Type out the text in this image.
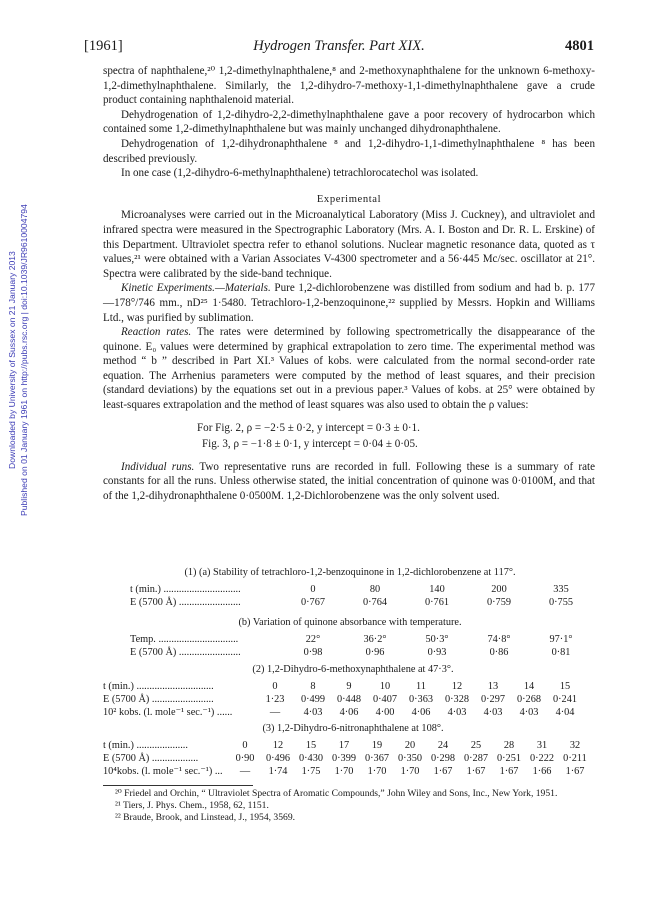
[1961]	Hydrogen Transfer. Part XIX.	4801
Downloaded by University of Sussex on 21 January 2013 Published on 01 January 1961 on http://pubs.rsc.org | doi:10.1039/JR9610004794

spectra of naphthalene,²⁰ 1,2-dimethylnaphthalene,⁸ and 2-methoxynaphthalene for the unknown 6-methoxy-1,2-dimethylnaphthalene. Similarly, the 1,2-dihydro-7-methoxy-1,1-dimethylnaphthalene gave a crude product containing naphthalenoid material.

Dehydrogenation of 1,2-dihydro-2,2-dimethylnaphthalene gave a poor recovery of hydrocarbon which contained some 1,2-dimethylnaphthalene but was mainly unchanged dihydronaphthalene.

Dehydrogenation of 1,2-dihydronaphthalene ⁸ and 1,2-dihydro-1,1-dimethylnaphthalene ⁸ has been described previously.

In one case (1,2-dihydro-6-methylnaphthalene) tetrachlorocatechol was isolated.

Experimental

Microanalyses were carried out in the Microanalytical Laboratory (Miss J. Cuckney), and ultraviolet and infrared spectra were measured in the Spectrographic Laboratory (Mrs. A. I. Boston and Dr. R. L. Erskine) of this Department. Ultraviolet spectra refer to ethanol solutions. Nuclear magnetic resonance data, quoted as τ values,²¹ were obtained with a Varian Associates V-4300 spectrometer and a 56·445 Mc/sec. oscillator at 21°. Spectra were calibrated by the side-band technique.

Kinetic Experiments.—Materials. Pure 1,2-dichlorobenzene was distilled from sodium and had b. p. 177—178°/746 mm., nD²⁵ 1·5480. Tetrachloro-1,2-benzoquinone,²² supplied by Messrs. Hopkin and Williams Ltd., was purified by sublimation.

Reaction rates. The rates were determined by following spectrometrically the disappearance of the quinone. E₀ values were determined by graphical extrapolation to zero time. The experimental method was method “ b ” described in Part XI.³ Values of kobs. were calculated from the normal second-order rate equation. The Arrhenius parameters were computed by the method of least squares, and their precision (standard deviations) by the equations set out in a previous paper.³ Values of kobs. at 25° were obtained by least-squares extrapolation and the method of least squares was also used to obtain the ρ values:

For Fig. 2, ρ = −2·5 ± 0·2, y intercept = 0·3 ± 0·1.
Fig. 3, ρ = −1·8 ± 0·1, y intercept = 0·04 ± 0·05.

Individual runs. Two representative runs are recorded in full. Following these is a summary of rate constants for all the runs. Unless otherwise stated, the initial concentration of quinone was 0·0100M, and that of the 1,2-dihydronaphthalene 0·0500M. 1,2-Dichlorobenzene was the only solvent used.

(1) (a) Stability of tetrachloro-1,2-benzoquinone in 1,2-dichlorobenzene at 117°.
t (min.) ..............................	0	80	140	200	335
E (5700 Å) ........................	0·767	0·764	0·761	0·759	0·755
(b) Variation of quinone absorbance with temperature.
Temp. ...............................	22°	36·2°	50·3°	74·8°	97·1°
E (5700 Å) ........................	0·98	0·96	0·93	0·86	0·81
(2) 1,2-Dihydro-6-methoxynaphthalene at 47·3°.
t (min.) ..............................	0	8	9	10	11	12	13	14	15
E (5700 Å) ........................	1·23	0·499	0·448	0·407	0·363	0·328	0·297	0·268	0·241
10² kobs. (l. mole⁻¹ sec.⁻¹) ......	—	4·03	4·06	4·00	4·06	4·03	4·03	4·03	4·04
(3) 1,2-Dihydro-6-nitronaphthalene at 108°.
t (min.) ....................	0	12	15	17	19	20	24	25	28	31	32
E (5700 Å) ..................	0·90	0·496 0·430 0·399 0·367 0·350 0·298 0·287 0·251 0·222 0·211
10⁴kobs. (l. mole⁻¹ sec.⁻¹) ...	—	1·74	1·75	1·70	1·70	1·70	1·67	1·67	1·67	1·66	1·67
²⁰ Friedel and Orchin, “ Ultraviolet Spectra of Aromatic Compounds,” John Wiley and Sons, Inc., New York, 1951.
²¹ Tiers, J. Phys. Chem., 1958, 62, 1151.
²² Braude, Brook, and Linstead, J., 1954, 3569.
